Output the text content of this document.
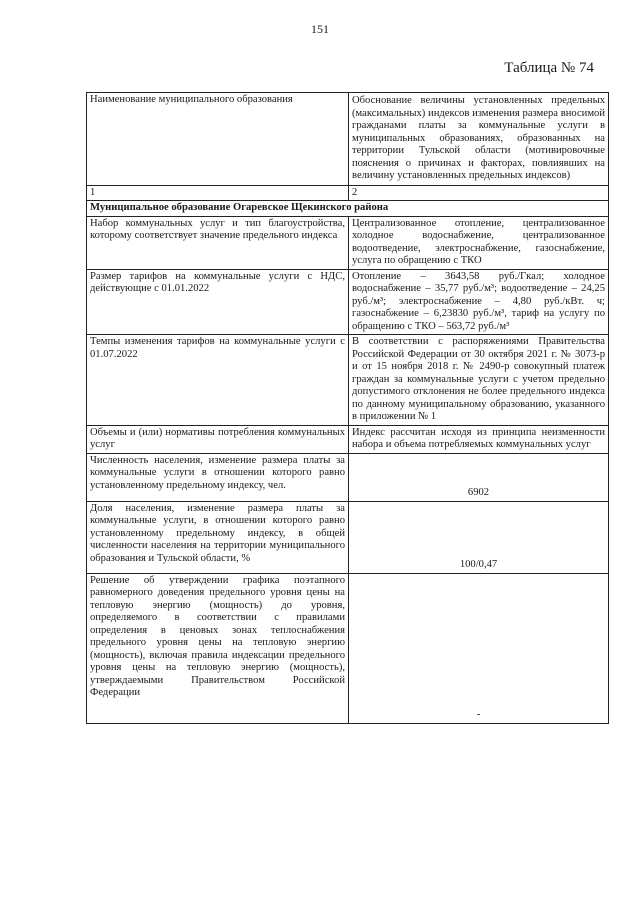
151
Таблица № 74
Наименование муниципального образования	Обоснование величины установленных предельных (максимальных) индексов изменения размера вносимой гражданами платы за коммунальные услуги в муниципальных образованиях, образованных на территории Тульской области (мотивировочные пояснения о причинах и факторах, повлиявших на величину установленных предельных индексов)
1	2
Муниципальное образование Огаревское Щекинского района	
Набор коммунальных услуг и тип благоустройства, которому соответствует значение предельного индекса	Централизованное отопление, централизованное холодное водоснабжение, централизованное водоотведение, электроснабжение, газоснабжение, услуга по обращению с ТКО
Размер тарифов на коммунальные услуги с НДС, действующие с 01.01.2022	Отопление – 3643,58 руб./Гкал; холодное водоснабжение – 35,77 руб./м³; водоотведение – 24,25 руб./м³; электроснабжение – 4,80 руб./кВт. ч; газоснабжение – 6,23830 руб./м³, тариф на услугу по обращению с ТКО – 563,72 руб./м³
Темпы изменения тарифов на коммунальные услуги с 01.07.2022	В соответствии с распоряжениями Правительства Российской Федерации от 30 октября 2021 г. № 3073-р и от 15 ноября 2018 г. № 2490-р совокупный платеж граждан за коммунальные услуги с учетом предельно допустимого отклонения не более предельного индекса по данному муниципальному образованию, указанного в приложении № 1
Объемы и (или) нормативы потребления коммунальных услуг	Индекс рассчитан исходя из принципа неизменности набора и объема потребляемых коммунальных услуг
Численность населения, изменение размера платы за коммунальные услуги в отношении которого равно установленному предельному индексу, чел.	6902
Доля населения, изменение размера платы за коммунальные услуги, в отношении которого равно установленному предельному индексу, в общей численности населения на территории муниципального образования и Тульской области, %	100/0,47
Решение об утверждении графика поэтапного равномерного доведения предельного уровня цены на тепловую энергию (мощность) до уровня, определяемого в соответствии с правилами определения в ценовых зонах теплоснабжения предельного уровня цены на тепловую энергию (мощность), включая правила индексации предельного уровня цены на тепловую энергию (мощность), утверждаемыми Правительством Российской Федерации	-
